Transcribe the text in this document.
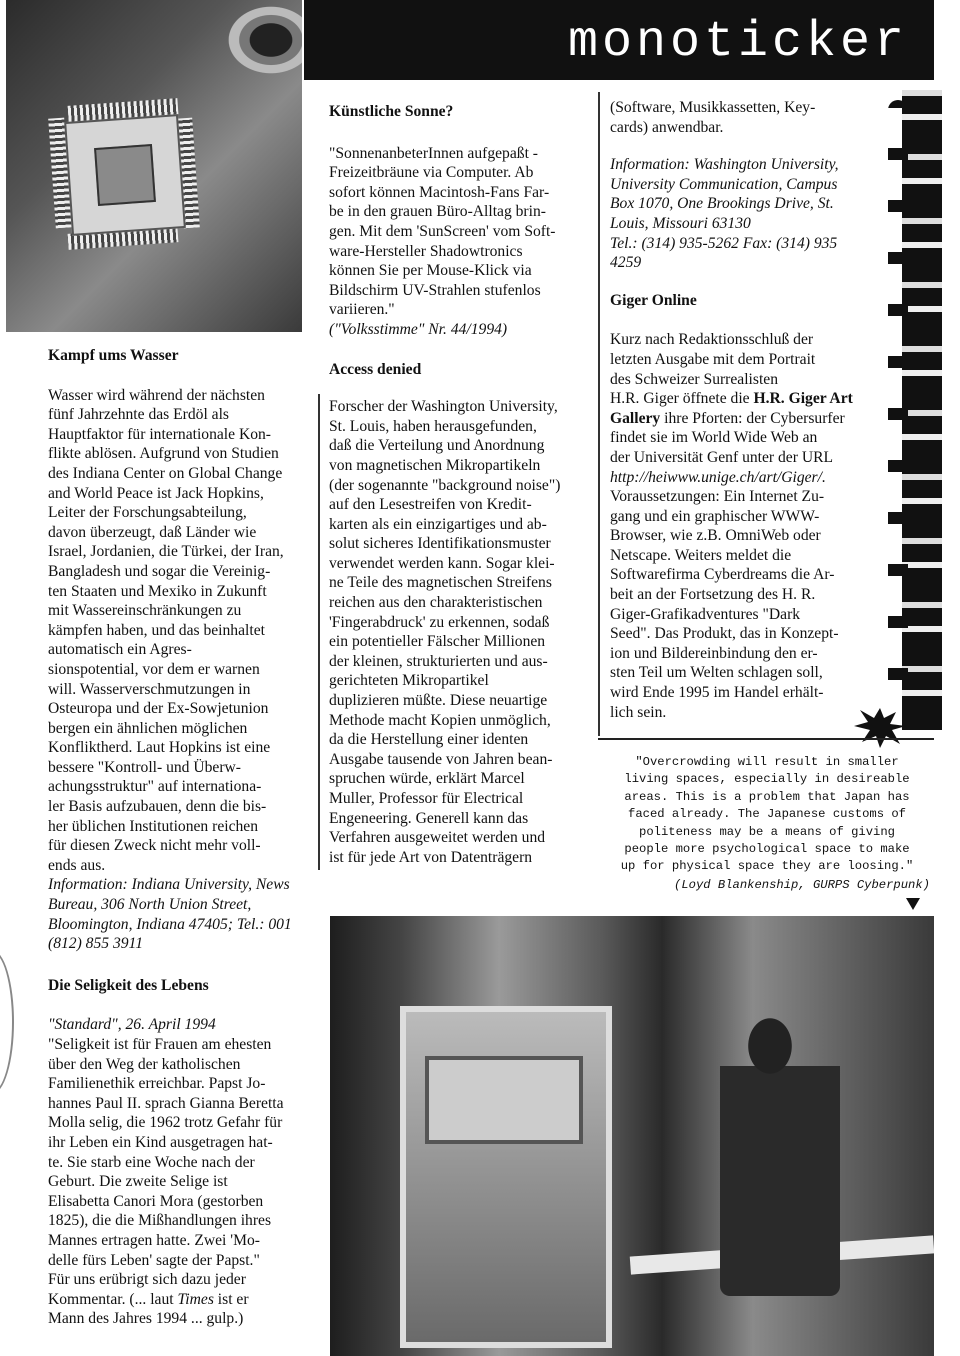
monoticker

Kampf ums Wasser

Wasser wird während der nächsten

fünf Jahrzehnte das Erdöl als

Hauptfaktor für internationale Kon-

flikte ablösen. Aufgrund von Studien

des Indiana Center on Global Change

and World Peace ist Jack Hopkins,

Leiter der Forschungsabteilung,

davon überzeugt, daß Länder wie

Israel, Jordanien, die Türkei, der Iran,

Bangladesh und sogar die Vereinig-

ten Staaten und Mexiko in Zukunft

mit Wassereinschränkungen zu

kämpfen haben, und das beinhaltet

automatisch ein Agres-

sionspotential, vor dem er warnen

will. Wasserverschmutzungen in

Osteuropa und der Ex-Sowjetunion

bergen ein ähnlichen möglichen

Konfliktherd. Laut Hopkins ist eine

bessere "Kontroll- und Überw-

achungsstruktur" auf internationa-

ler Basis aufzubauen, denn die bis-

her üblichen Institutionen reichen

für diesen Zweck nicht mehr voll-

ends aus.

Information: Indiana University, News

Bureau, 306 North Union Street,

Bloomington, Indiana 47405; Tel.: 001

(812) 855 3911

Die Seligkeit des Lebens

"Standard", 26. April 1994

"Seligkeit ist für Frauen am ehesten

über den Weg der katholischen

Familienethik erreichbar. Papst Jo-

hannes Paul II. sprach Gianna Beretta

Molla selig, die 1962 trotz Gefahr für

ihr Leben ein Kind ausgetragen hat-

te. Sie starb eine Woche nach der

Geburt. Die zweite Selige ist

Elisabetta Canori Mora (gestorben

1825), die die Mißhandlungen ihres

Mannes ertragen hatte. Zwei 'Mo-

delle fürs Leben' sagte der Papst."

Für uns erübrigt sich dazu jeder

Kommentar. (... laut Times ist er

Mann des Jahres 1994 ... gulp.)

Künstliche Sonne?

"SonnenanbeterInnen aufgepaßt -

Freizeitbräune via Computer. Ab

sofort können Macintosh-Fans Far-

be in den grauen Büro-Alltag brin-

gen. Mit dem 'SunScreen' vom Soft-

ware-Hersteller Shadowtronics

können Sie per Mouse-Klick via

Bildschirm UV-Strahlen stufenlos

variieren."

("Volksstimme" Nr. 44/1994)

Access denied

Forscher der Washington University,

St. Louis, haben herausgefunden,

daß die Verteilung und Anordnung

von magnetischen Mikropartikeln

(der sogenannte "background noise")

auf den Lesestreifen von Kredit-

karten als ein einzigartiges und ab-

solut sicheres Identifikationsmuster

verwendet werden kann. Sogar klei-

ne Teile des magnetischen Streifens

reichen aus den charakteristischen

'Fingerabdruck' zu erkennen, sodaß

ein potentieller Fälscher Millionen

der kleinen, strukturierten und aus-

gerichteten Mikropartikel

duplizieren müßte. Diese neuartige

Methode macht Kopien unmöglich,

da die Herstellung einer identen

Ausgabe tausende von Jahren bean-

spruchen würde, erklärt Marcel

Muller, Professor für Electrical

Engeneering. Generell kann das

Verfahren ausgeweitet werden und

ist für jede Art von Datenträgern

(Software, Musikkassetten, Key-

cards) anwendbar.

Information: Washington University,

University Communication, Campus

Box 1070, One Brookings Drive, St.

Louis, Missouri 63130

Tel.: (314) 935-5262 Fax: (314) 935

4259

Giger Online

Kurz nach Redaktionsschluß der

letzten Ausgabe mit dem Portrait

des Schweizer Surrealisten

H.R. Giger öffnete die H.R. Giger Art

Gallery ihre Pforten: der Cybersurfer

findet sie im World Wide Web an

der Universität Genf unter der URL

http://heiwww.unige.ch/art/Giger/.

Voraussetzungen: Ein Internet Zu-

gang und ein graphischer WWW-

Browser, wie z.B. OmniWeb oder

Netscape. Weiters meldet die

Softwarefirma Cyberdreams die Ar-

beit an der Fortsetzung des H. R.

Giger-Grafikadventures "Dark

Seed". Das Produkt, das in Konzept-

ion und Bildereinbindung den er-

sten Teil um Welten schlagen soll,

wird Ende 1995 im Handel erhält-

lich sein.

"Overcrowding will result in smaller
living spaces, especially in desireable
areas. This is a problem that Japan has
faced already. The Japanese customs of
politeness may be a means of giving
people more psychological space to make
up for physical space they are loosing."
(Loyd Blankenship, GURPS Cyberpunk)
